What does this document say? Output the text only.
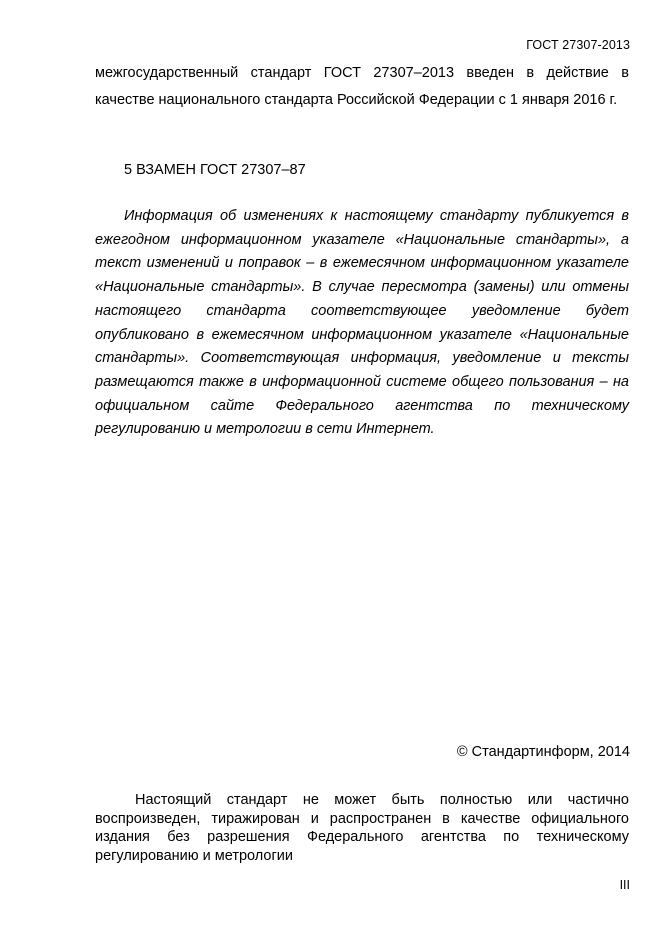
ГОСТ 27307-2013

межгосударственный стандарт ГОСТ 27307–2013 введен в действие в качестве национального стандарта Российской Федерации с 1 января 2016 г.

5 ВЗАМЕН ГОСТ 27307–87

Информация об изменениях к настоящему стандарту публикуется в ежегодном информационном указателе «Национальные стандарты», а текст изменений и поправок – в ежемесячном информационном указателе «Национальные стандарты». В случае пересмотра (замены) или отмены настоящего стандарта соответствующее уведомление будет опубликовано в ежемесячном информационном указателе «Национальные стандарты». Соответствующая информация, уведомление и тексты размещаются также в информационной системе общего пользования – на официальном сайте Федерального агентства по техническому регулированию и метрологии в сети Интернет.

© Стандартинформ, 2014

Настоящий стандарт не может быть полностью или частично воспроизведен, тиражирован и распространен в качестве официального издания без разрешения Федерального агентства по техническому регулированию и метрологии

III
